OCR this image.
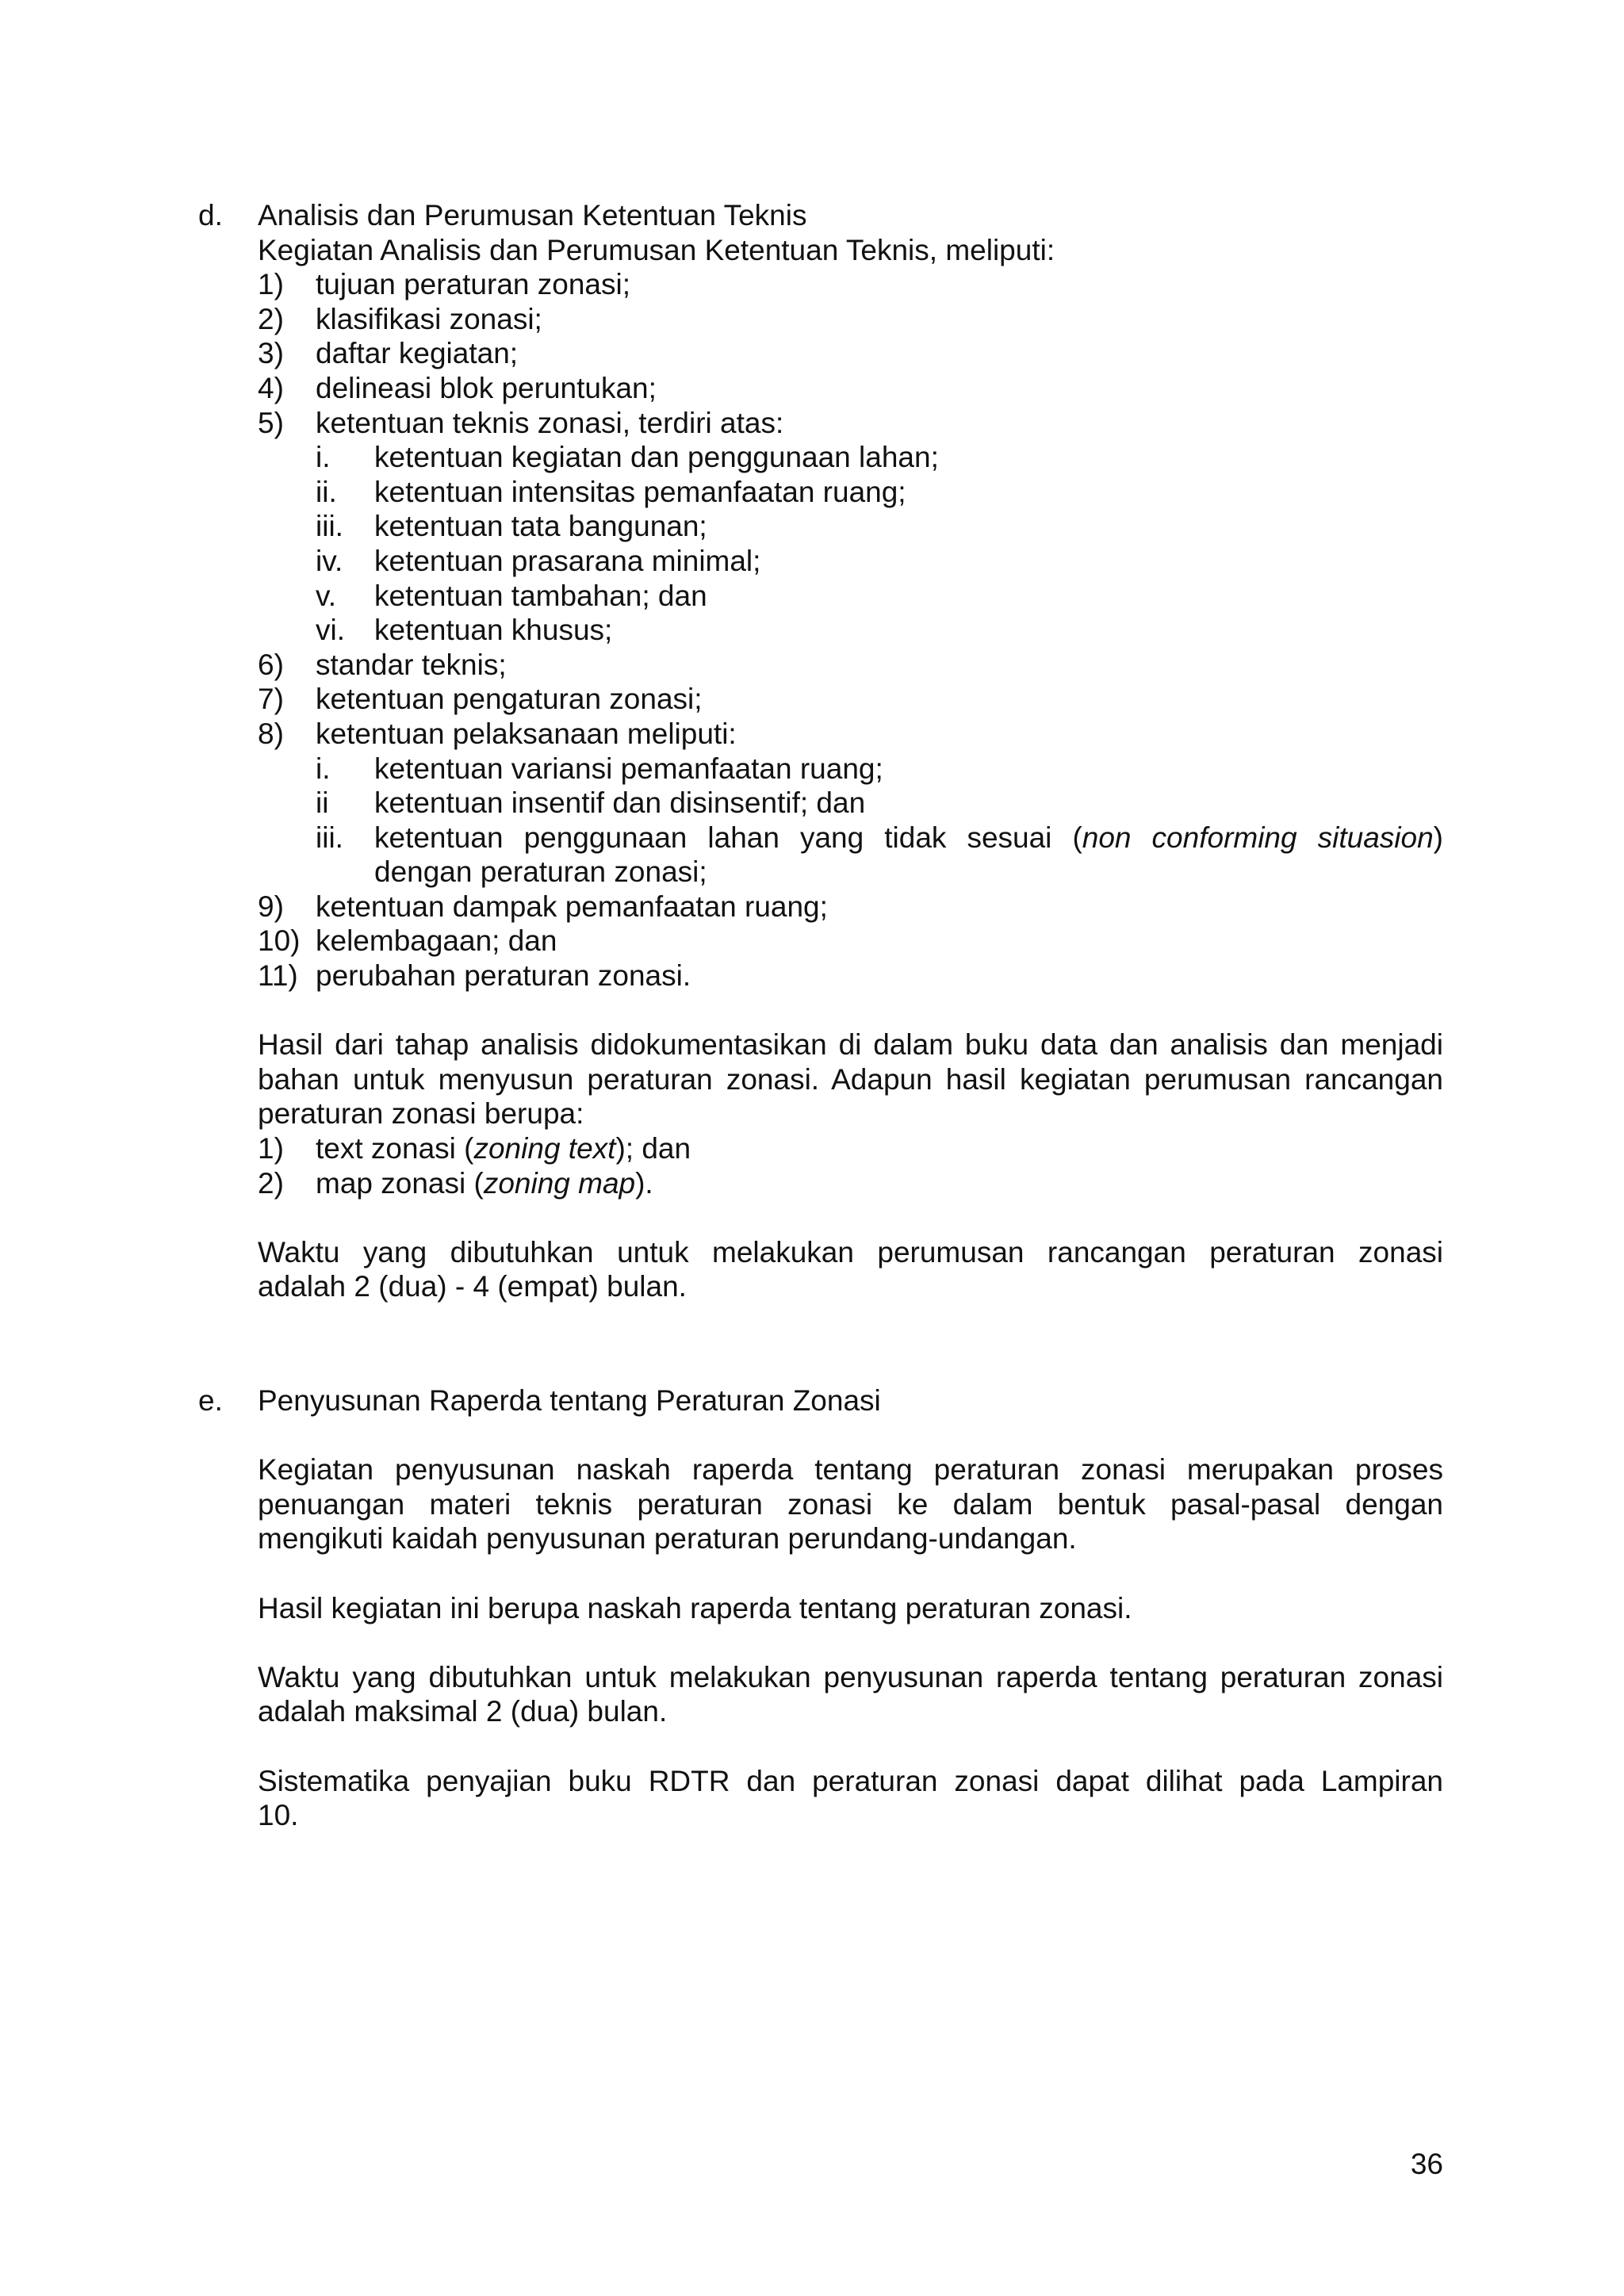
d. Analisis dan Perumusan Ketentuan Teknis
Kegiatan Analisis dan Perumusan Ketentuan Teknis, meliputi:
1) tujuan peraturan zonasi;
2) klasifikasi zonasi;
3) daftar kegiatan;
4) delineasi blok peruntukan;
5) ketentuan teknis zonasi, terdiri atas:
i. ketentuan kegiatan dan penggunaan lahan;
ii. ketentuan intensitas pemanfaatan ruang;
iii. ketentuan tata bangunan;
iv. ketentuan prasarana minimal;
v. ketentuan tambahan; dan
vi. ketentuan khusus;
6) standar teknis;
7) ketentuan pengaturan zonasi;
8) ketentuan pelaksanaan meliputi:
i. ketentuan variansi pemanfaatan ruang;
ii ketentuan insentif dan disinsentif; dan
iii. ketentuan penggunaan lahan yang tidak sesuai (non conforming situasion)
dengan peraturan zonasi;
9) ketentuan dampak pemanfaatan ruang;
10) kelembagaan; dan
11) perubahan peraturan zonasi.
Hasil dari tahap analisis didokumentasikan di dalam buku data dan analisis dan menjadi
bahan untuk menyusun peraturan zonasi. Adapun hasil kegiatan perumusan rancangan
peraturan zonasi berupa:
1) text zonasi (zoning text); dan
2) map zonasi (zoning map).
Waktu yang dibutuhkan untuk melakukan perumusan rancangan peraturan zonasi
adalah 2 (dua) - 4 (empat) bulan.
e. Penyusunan Raperda tentang Peraturan Zonasi
Kegiatan penyusunan naskah raperda tentang peraturan zonasi merupakan proses
penuangan materi teknis peraturan zonasi ke dalam bentuk pasal-pasal dengan
mengikuti kaidah penyusunan peraturan perundang-undangan.
Hasil kegiatan ini berupa naskah raperda tentang peraturan zonasi.
Waktu yang dibutuhkan untuk melakukan penyusunan raperda tentang peraturan zonasi
adalah maksimal 2 (dua) bulan.
Sistematika penyajian buku RDTR dan peraturan zonasi dapat dilihat pada Lampiran
10.
36
